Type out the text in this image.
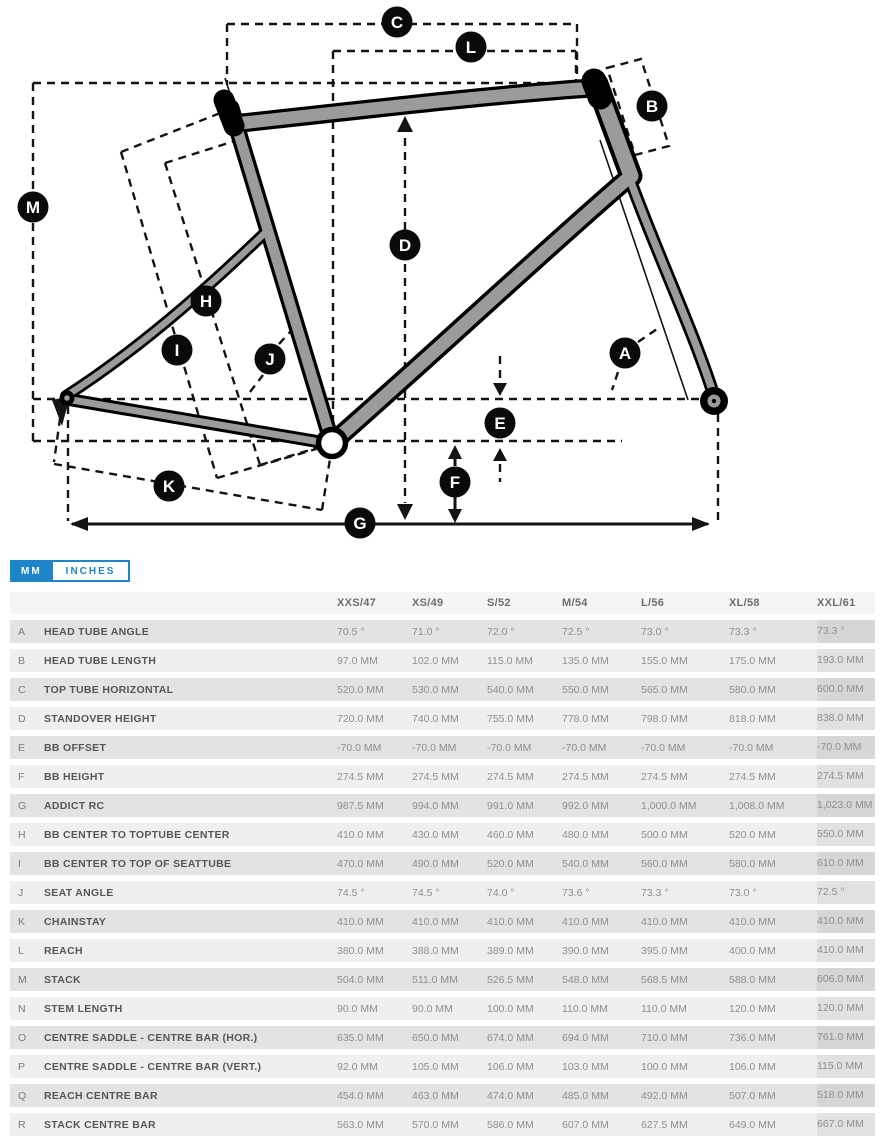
C
L
B
M
D
H
I	J	A
E
F
K
G
MM	INCHES
XXS/47	XS/49	S/52	M/54	L/56	XL/58	XXL/61
A	HEAD TUBE ANGLE	70.5 °	71.0 °	72.0 °	72.5 °	73.0 °	73.3 °	73.3 °
B	HEAD TUBE LENGTH	97.0 MM	102.0 MM	115.0 MM	135.0 MM	155.0 MM	175.0 MM	193.0 MM
C	TOP TUBE HORIZONTAL	520.0 MM	530.0 MM	540.0 MM	550.0 MM	565.0 MM	580.0 MM	600.0 MM
D	STANDOVER HEIGHT	720.0 MM	740.0 MM	755.0 MM	778.0 MM	798.0 MM	818.0 MM	838.0 MM
E	BB OFFSET	-70.0 MM	-70.0 MM	-70.0 MM	-70.0 MM	-70.0 MM	-70.0 MM	-70.0 MM
F	BB HEIGHT	274.5 MM	274.5 MM	274.5 MM	274.5 MM	274.5 MM	274.5 MM	274.5 MM
G	ADDICT RC	987.5 MM	994.0 MM	991.0 MM	992.0 MM	1,000.0 MM	1,008.0 MM	1,023.0 MM
H	BB CENTER TO TOPTUBE CENTER	410.0 MM	430.0 MM	460.0 MM	480.0 MM	500.0 MM	520.0 MM	550.0 MM
I	BB CENTER TO TOP OF SEATTUBE	470.0 MM	490.0 MM	520.0 MM	540.0 MM	560.0 MM	580.0 MM	610.0 MM
J	SEAT ANGLE	74.5 °	74.5 °	74.0 °	73.6 °	73.3 °	73.0 °	72.5 °
K	CHAINSTAY	410.0 MM	410.0 MM	410.0 MM	410.0 MM	410.0 MM	410.0 MM	410.0 MM
L	REACH	380.0 MM	388.0 MM	389.0 MM	390.0 MM	395.0 MM	400.0 MM	410.0 MM
M	STACK	504.0 MM	511.0 MM	526.5 MM	548.0 MM	568.5 MM	588.0 MM	606.0 MM
N	STEM LENGTH	90.0 MM	90.0 MM	100.0 MM	110.0 MM	110.0 MM	120.0 MM	120.0 MM
O	CENTRE SADDLE - CENTRE BAR (HOR.)	635.0 MM	650.0 MM	674.0 MM	694.0 MM	710.0 MM	736.0 MM	761.0 MM
P	CENTRE SADDLE - CENTRE BAR (VERT.)	92.0 MM	105.0 MM	106.0 MM	103.0 MM	100.0 MM	106.0 MM	115.0 MM
Q	REACH CENTRE BAR	454.0 MM	463.0 MM	474.0 MM	485.0 MM	492.0 MM	507.0 MM	518.0 MM
R	STACK CENTRE BAR	563.0 MM	570.0 MM	586.0 MM	607.0 MM	627.5 MM	649.0 MM	667.0 MM
